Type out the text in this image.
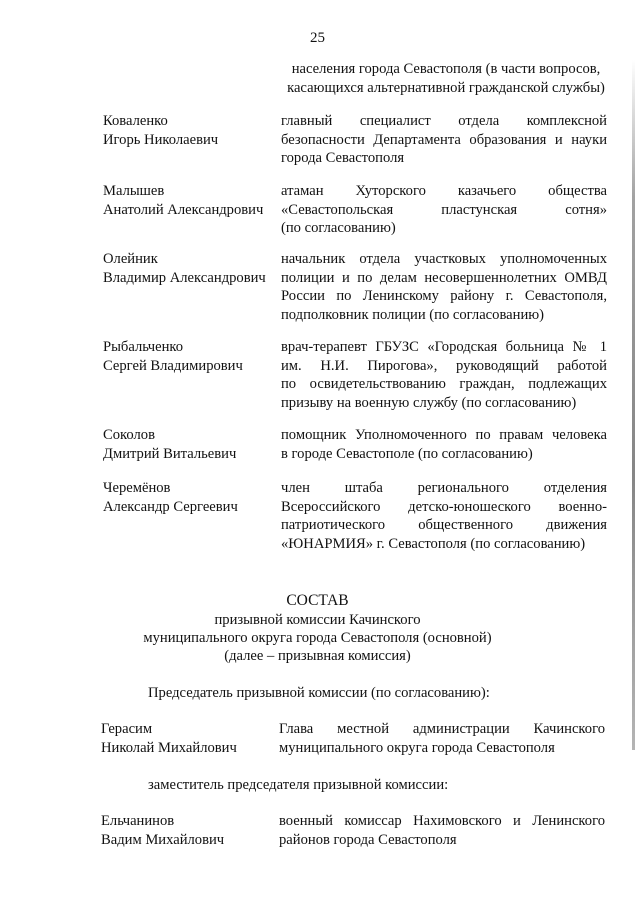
25
населения города Севастополя (в части вопросов,
касающихся альтернативной гражданской службы)
Коваленко
Игорь Николаевич
главный специалист отдела комплексной
безопасности Департамента образования и науки
города Севастополя
Малышев
Анатолий Александрович
атаман Хуторского казачьего общества
«Севастопольская пластунская сотня»
(по согласованию)
Олейник
Владимир Александрович
начальник отдела участковых уполномоченных
полиции и по делам несовершеннолетних ОМВД
России по Ленинскому району г. Севастополя,
подполковник полиции (по согласованию)
Рыбальченко
Сергей Владимирович
врач-терапевт ГБУЗС «Городская больница № 1
им. Н.И. Пирогова», руководящий работой
по освидетельствованию граждан, подлежащих
призыву на военную службу (по согласованию)
Соколов
Дмитрий Витальевич
помощник Уполномоченного по правам человека
в городе Севастополе (по согласованию)
Черемёнов
Александр Сергеевич
член штаба регионального отделения
Всероссийского детско-юношеского военно-
патриотического общественного движения
«ЮНАРМИЯ» г. Севастополя (по согласованию)
СОСТАВ
призывной комиссии Качинского
муниципального округа города Севастополя (основной)
(далее – призывная комиссия)
Председатель призывной комиссии (по согласованию):
Герасим
Николай Михайлович
Глава местной администрации Качинского
муниципального округа города Севастополя
заместитель председателя призывной комиссии:
Ельчанинов
Вадим Михайлович
военный комиссар Нахимовского и Ленинского
районов города Севастополя
